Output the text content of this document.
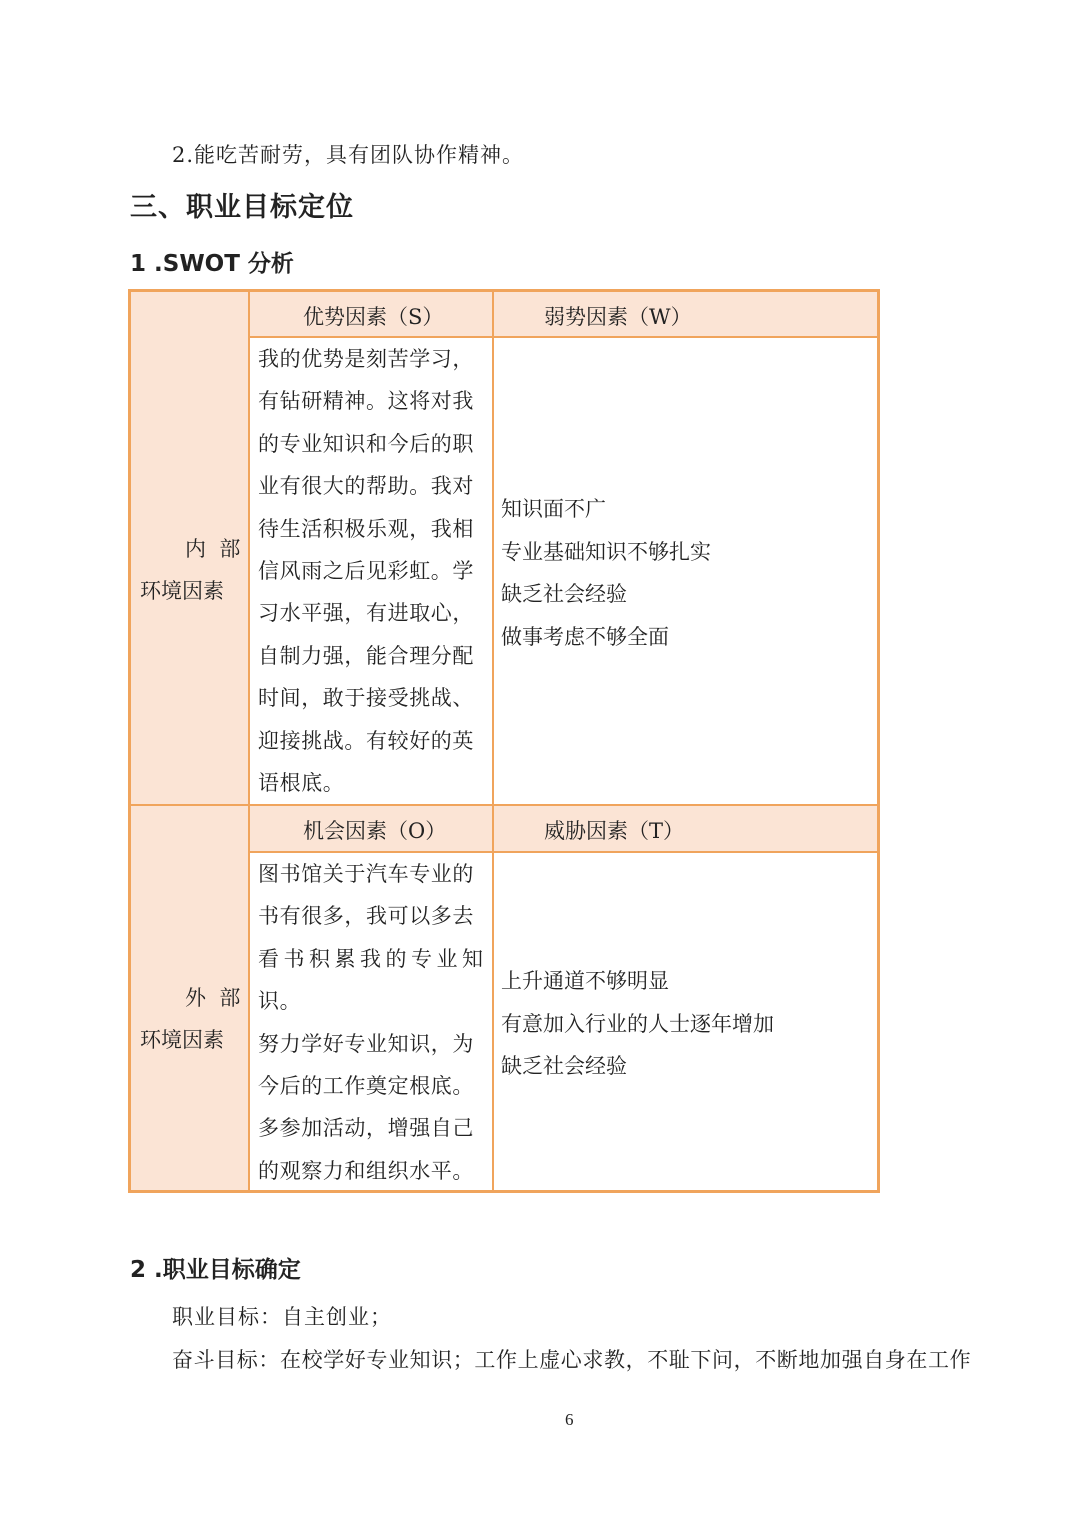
2.能吃苦耐劳，具有团队协作精神。
三、职业目标定位
1 .SWOT 分析
优势因素（S）	弱势因素（W）
机会因素（O）	威胁因素（T）
内  部
环境因素
外  部
环境因素
我的优势是刻苦学习，
有钻研精神。这将对我
的专业知识和今后的职
业有很大的帮助。我对
待生活积极乐观，我相
信风雨之后见彩虹。学
习水平强，有进取心，
自制力强，能合理分配
时间，敢于接受挑战、
迎接挑战。有较好的英
语根底。
知识面不广
专业基础知识不够扎实
缺乏社会经验
做事考虑不够全面
图书馆关于汽车专业的
书有很多，我可以多去
看书积累我的专业知
识。
努力学好专业知识，为
今后的工作奠定根底。
多参加活动，增强自己
的观察力和组织水平。
上升通道不够明显
有意加入行业的人士逐年增加
缺乏社会经验
2 .职业目标确定
职业目标：自主创业；
奋斗目标：在校学好专业知识；工作上虚心求教，不耻下问，不断地加强自身在工作
6
